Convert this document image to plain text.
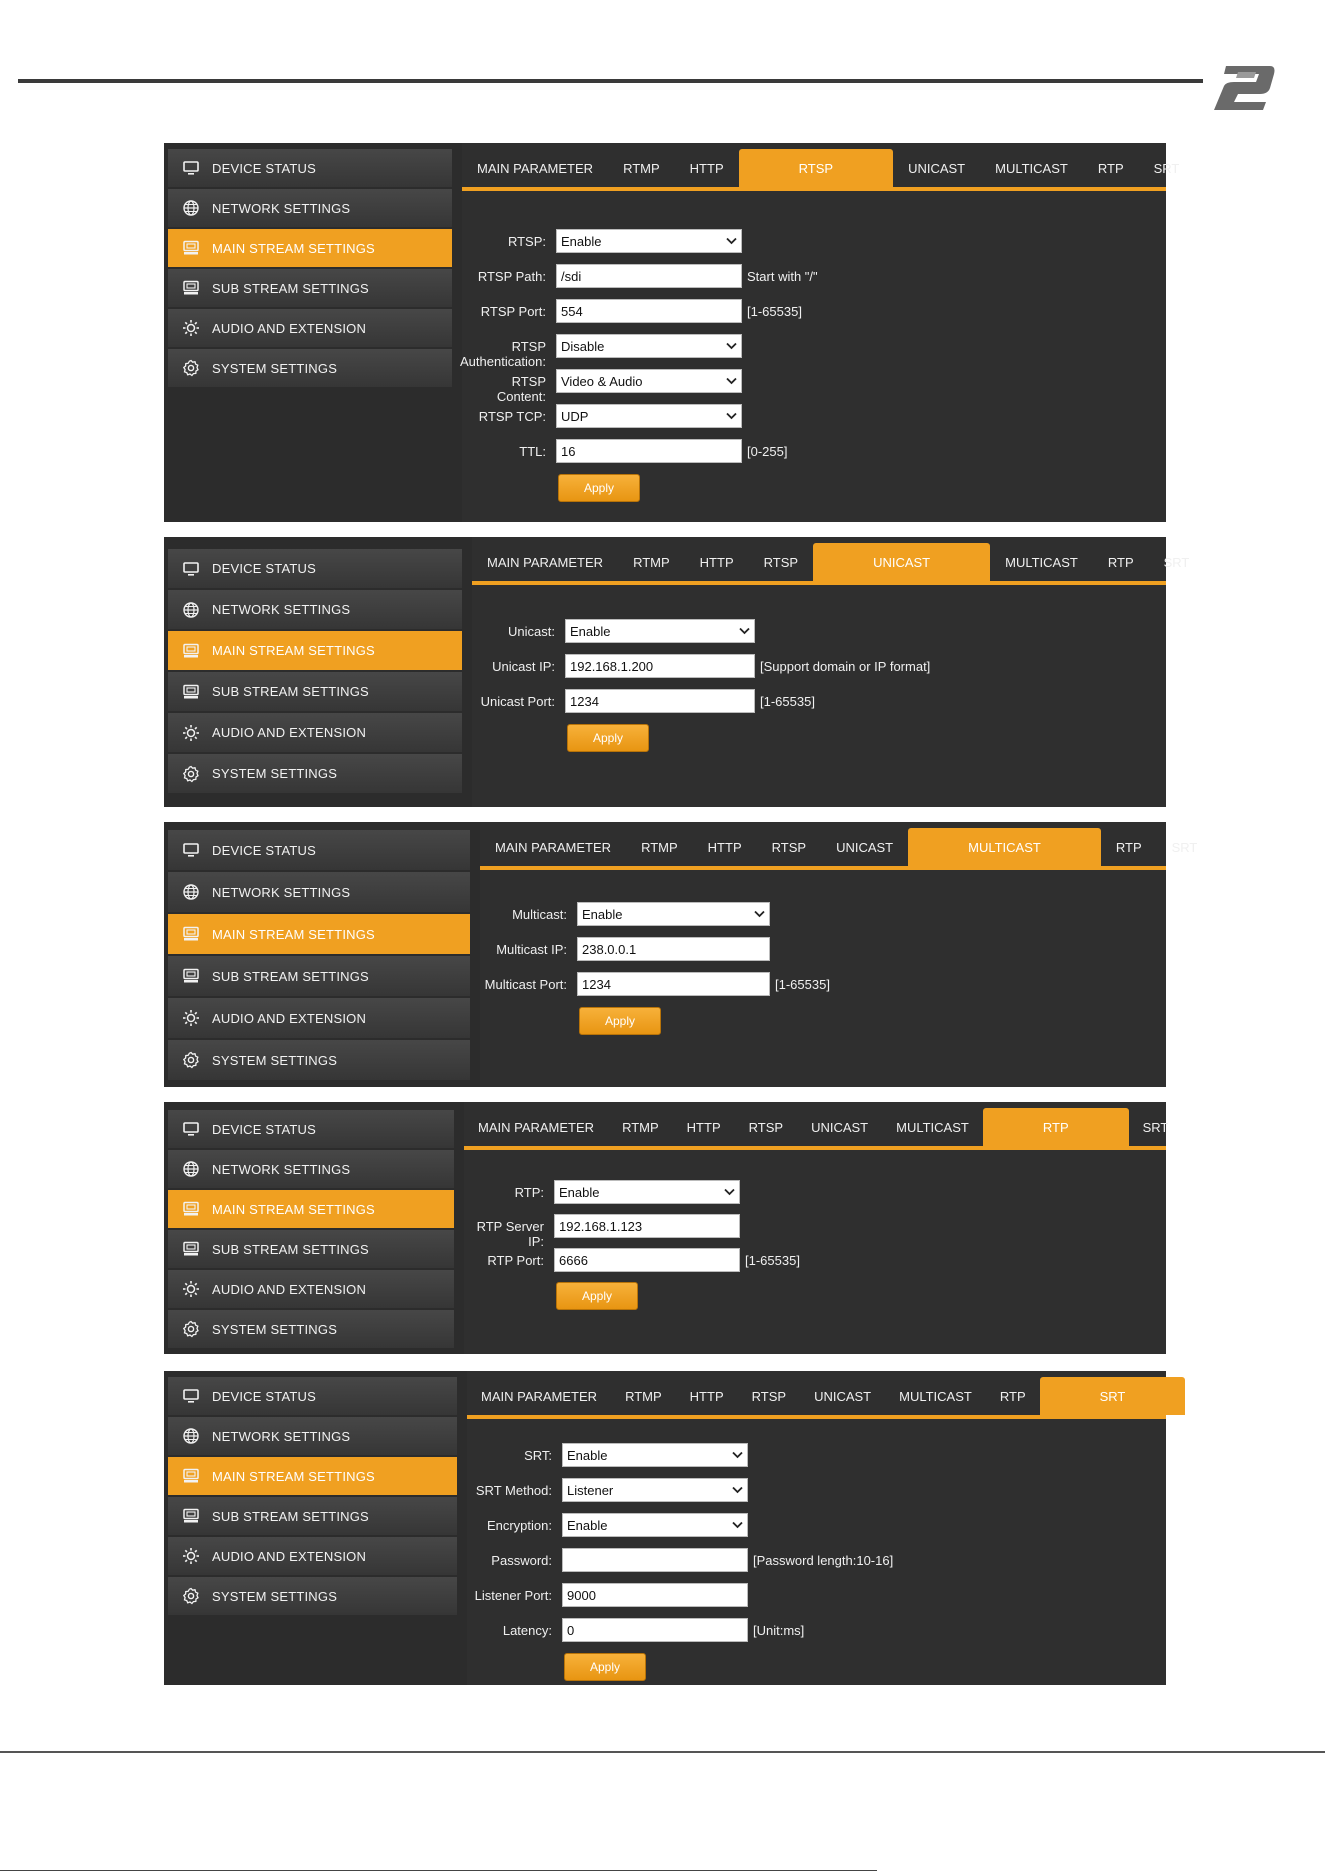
DEVICE STATUS
NETWORK SETTINGS
MAIN STREAM SETTINGS
SUB STREAM SETTINGS
AUDIO AND EXTENSION
SYSTEM SETTINGS
MAIN PARAMETER	RTMP	HTTP	RTSP	UNICAST	MULTICAST	RTP	SRT
RTSP: Enable
RTSP Path: /sdi	Start with "/"
RTSP Port: 554	[1-65535]
RTSP Authentication:
Disable
RTSP Content:
Video & Audio
RTSP TCP: UDP
TTL: 16	[0-255]
Apply
DEVICE STATUS
NETWORK SETTINGS
MAIN STREAM SETTINGS
SUB STREAM SETTINGS
AUDIO AND EXTENSION
SYSTEM SETTINGS
MAIN PARAMETER	RTMP	HTTP	RTSP	UNICAST	MULTICAST	RTP	SRT
Unicast: Enable
Unicast IP: 192.168.1.200	[Support domain or IP format]
Unicast Port: 1234	[1-65535]
Apply
DEVICE STATUS
NETWORK SETTINGS
MAIN STREAM SETTINGS
SUB STREAM SETTINGS
AUDIO AND EXTENSION
SYSTEM SETTINGS
MAIN PARAMETER	RTMP	HTTP	RTSP	UNICAST	MULTICAST	RTP	SRT
Multicast: Enable
Multicast IP: 238.0.0.1
Multicast Port: 1234	[1-65535]
Apply
DEVICE STATUS
NETWORK SETTINGS
MAIN STREAM SETTINGS
SUB STREAM SETTINGS
AUDIO AND EXTENSION
SYSTEM SETTINGS
MAIN PARAMETER	RTMP	HTTP	RTSP	UNICAST	MULTICAST	RTP	SRT
RTP: Enable
RTP Server IP:
192.168.1.123
RTP Port: 6666	[1-65535]
Apply
DEVICE STATUS
NETWORK SETTINGS
MAIN STREAM SETTINGS
SUB STREAM SETTINGS
AUDIO AND EXTENSION
SYSTEM SETTINGS
MAIN PARAMETER	RTMP	HTTP	RTSP	UNICAST	MULTICAST	RTP	SRT
SRT: Enable
SRT Method: Listener
Encryption: Enable
Password:	[Password length:10-16]
Listener Port: 9000
Latency: 0	[Unit:ms]
Apply
